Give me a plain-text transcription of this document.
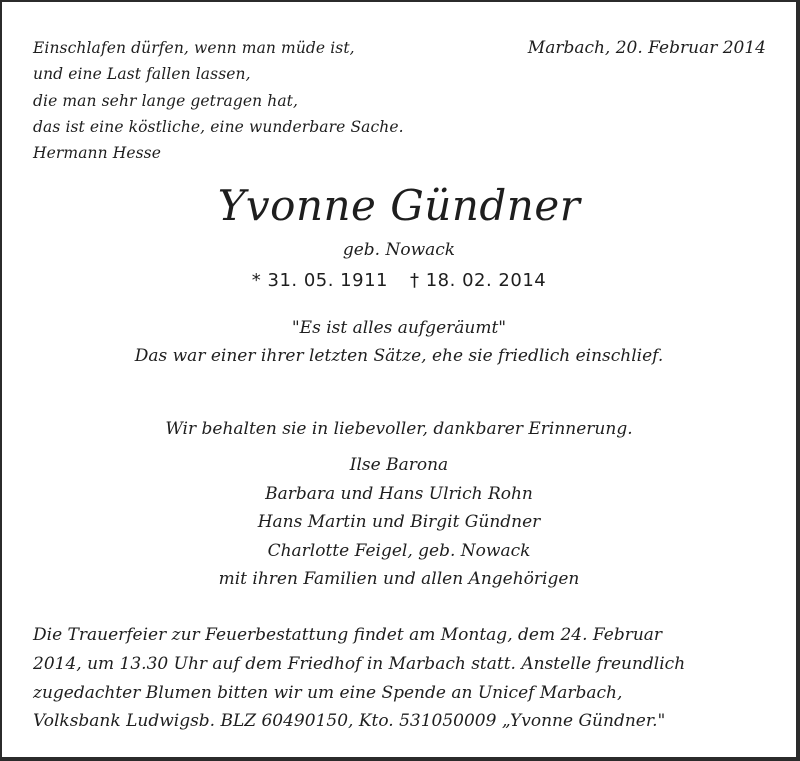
Einschlafen dürfen, wenn man müde ist,
und eine Last fallen lassen,
die man sehr lange getragen hat,
das ist eine köstliche, eine wunderbare Sache.
Hermann Hesse
Marbach, 20. Februar 2014
Yvonne Gündner
geb. Nowack
* 31. 05. 1911 † 18. 02. 2014
"Es ist alles aufgeräumt"
Das war einer ihrer letzten Sätze, ehe sie friedlich einschlief.
Wir behalten sie in liebevoller, dankbarer Erinnerung.
Ilse Barona
Barbara und Hans Ulrich Rohn
Hans Martin und Birgit Gündner
Charlotte Feigel, geb. Nowack
mit ihren Familien und allen Angehörigen
Die Trauerfeier zur Feuerbestattung findet am Montag, dem 24. Februar
2014, um 13.30 Uhr auf dem Friedhof in Marbach statt. Anstelle freundlich
zugedachter Blumen bitten wir um eine Spende an Unicef Marbach,
Volksbank Ludwigsb. BLZ 60490150, Kto. 531050009 „Yvonne Gündner."
